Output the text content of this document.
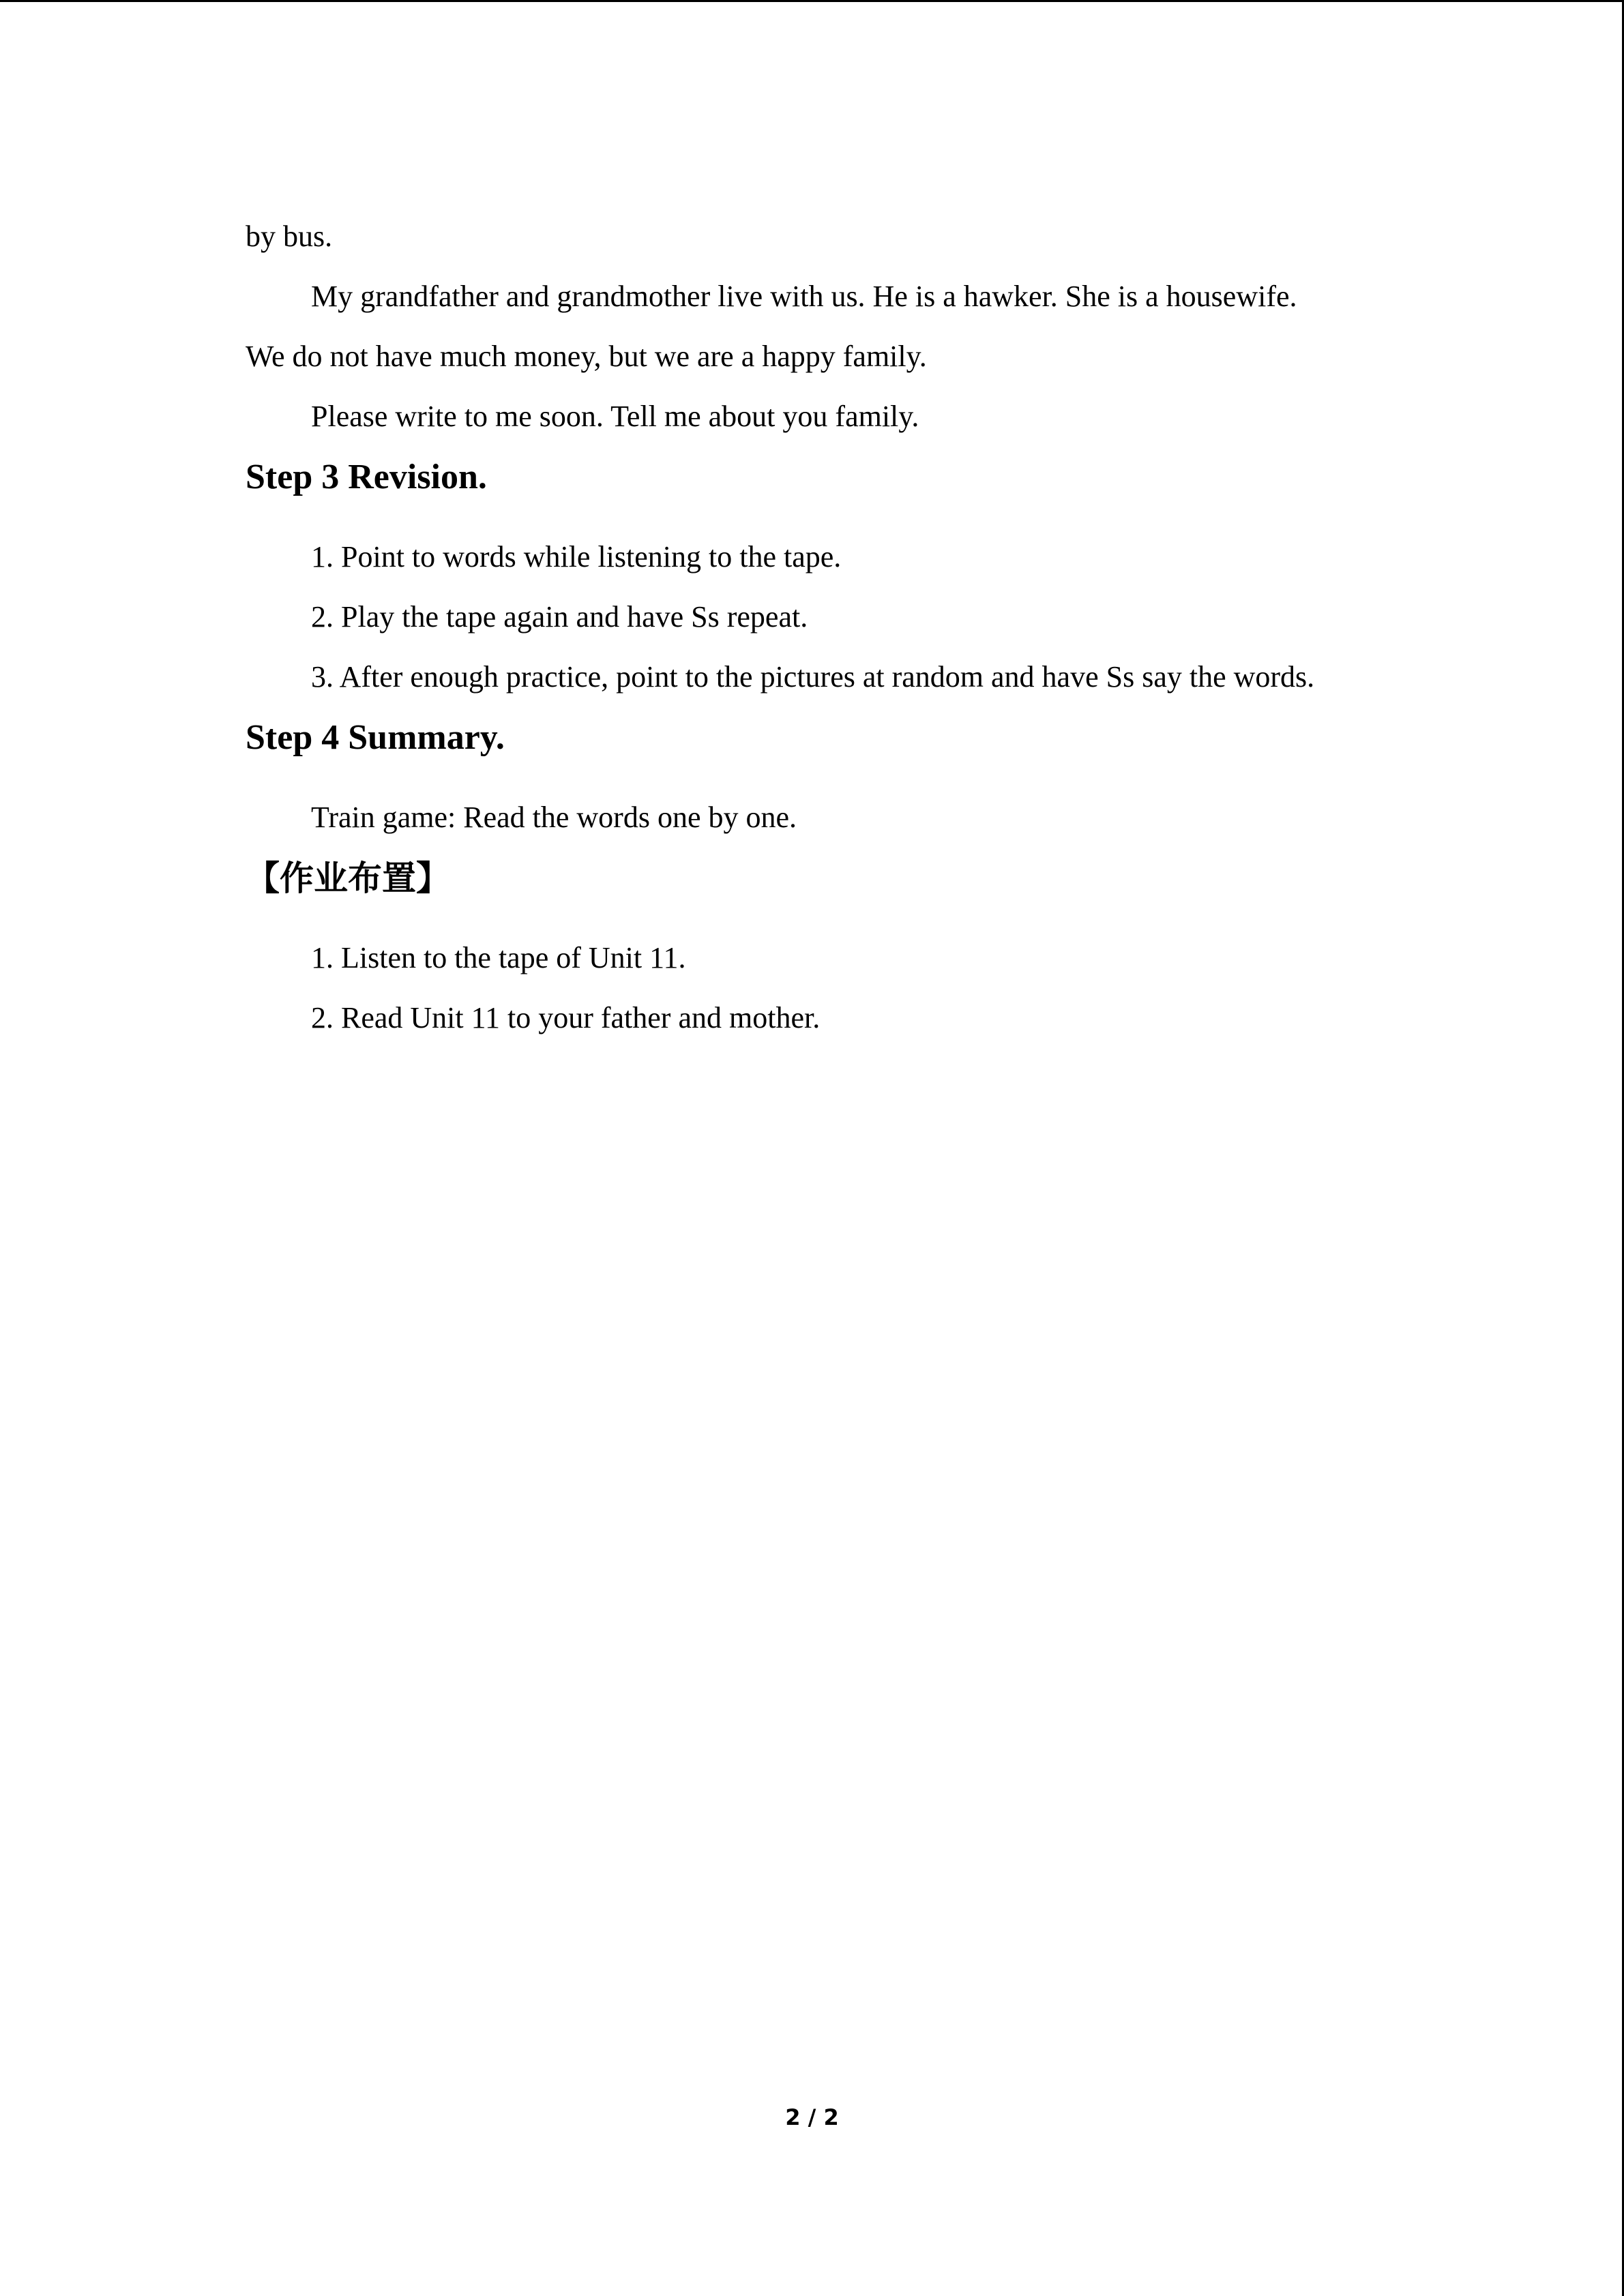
by bus.
My grandfather and grandmother live with us. He is a hawker. She is a housewife.
We do not have much money, but we are a happy family.
Please write to me soon. Tell me about you family.
Step 3 Revision.
1. Point to words while listening to the tape.
2. Play the tape again and have Ss repeat.
3. After enough practice, point to the pictures at random and have Ss say the words.
Step 4 Summary.
Train game: Read the words one by one.
【作业布置】
1. Listen to the tape of Unit 11.
2. Read Unit 11 to your father and mother.
2 / 2
